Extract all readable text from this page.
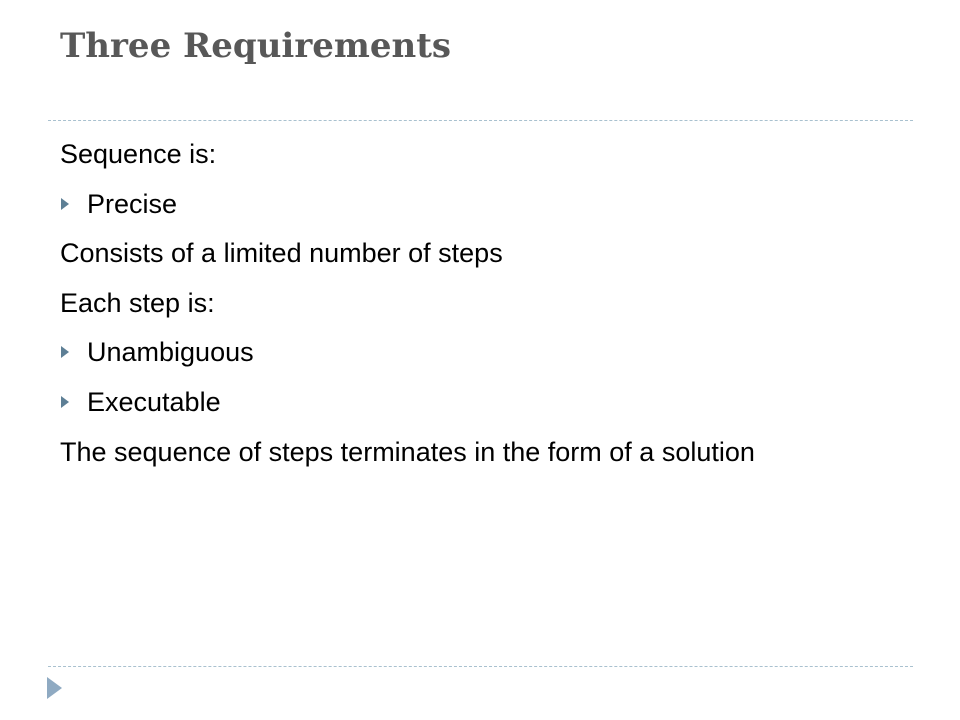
Three Requirements
Sequence is:
Precise
Consists of a limited number of steps
Each step is:
Unambiguous
Executable
The sequence of steps terminates in the form of a solution
